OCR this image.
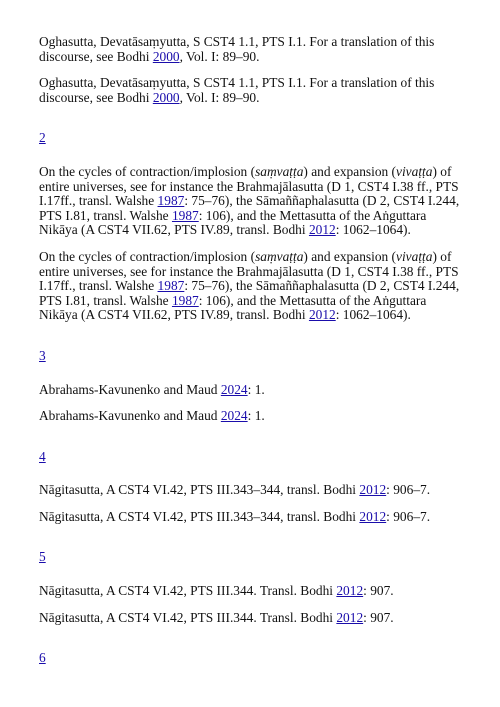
Oghasutta, Devatāsaṃyutta, S CST4 1.1, PTS I.1. For a translation of this discourse, see Bodhi 2000, Vol. I: 89–90.

Oghasutta, Devatāsaṃyutta, S CST4 1.1, PTS I.1. For a translation of this discourse, see Bodhi 2000, Vol. I: 89–90.

2

On the cycles of contraction/implosion (saṃvaṭṭa) and expansion (vivaṭṭa) of entire universes, see for instance the Brahmajālasutta (D 1, CST4 I.38 ff., PTS I.17ff., transl. Walshe 1987: 75–76), the Sāmaññaphalasutta (D 2, CST4 I.244, PTS I.81, transl. Walshe 1987: 106), and the Mettasutta of the Aṅguttara Nikāya (A CST4 VII.62, PTS IV.89, transl. Bodhi 2012: 1062–1064).

On the cycles of contraction/implosion (saṃvaṭṭa) and expansion (vivaṭṭa) of entire universes, see for instance the Brahmajālasutta (D 1, CST4 I.38 ff., PTS I.17ff., transl. Walshe 1987: 75–76), the Sāmaññaphalasutta (D 2, CST4 I.244, PTS I.81, transl. Walshe 1987: 106), and the Mettasutta of the Aṅguttara Nikāya (A CST4 VII.62, PTS IV.89, transl. Bodhi 2012: 1062–1064).

3

Abrahams-Kavunenko and Maud 2024: 1.

Abrahams-Kavunenko and Maud 2024: 1.

4

Nāgitasutta, A CST4 VI.42, PTS III.343–344, transl. Bodhi 2012: 906–7.

Nāgitasutta, A CST4 VI.42, PTS III.343–344, transl. Bodhi 2012: 906–7.

5

Nāgitasutta, A CST4 VI.42, PTS III.344. Transl. Bodhi 2012: 907.

Nāgitasutta, A CST4 VI.42, PTS III.344. Transl. Bodhi 2012: 907.

6
